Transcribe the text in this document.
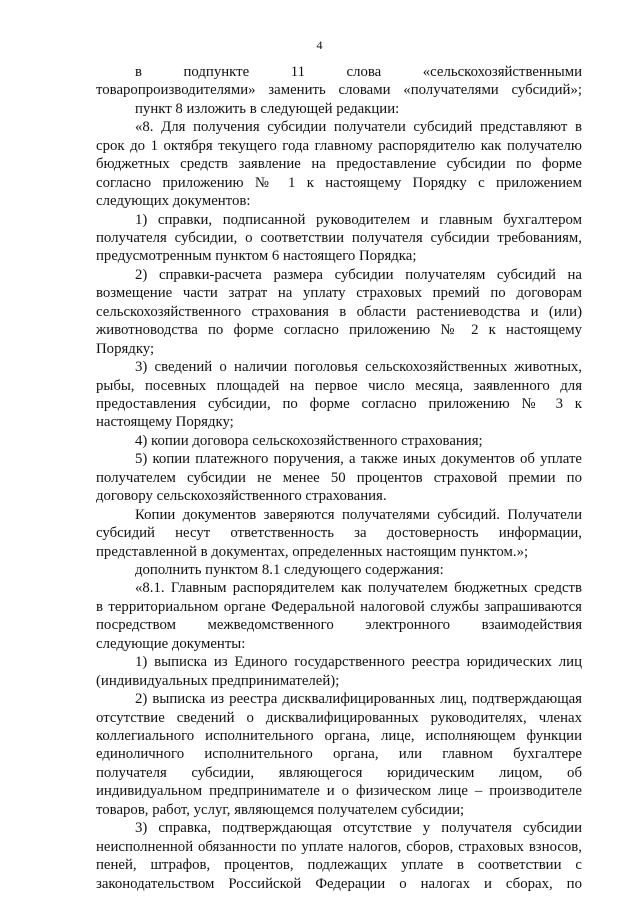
4
в подпункте 11 слова «сельскохозяйственными
товаропроизводителями» заменить словами «получателями субсидий»;
пункт 8 изложить в следующей редакции:
«8. Для получения субсидии получатели субсидий представляют в
срок до 1 октября текущего года главному распорядителю как получателю
бюджетных средств заявление на предоставление субсидии по форме
согласно приложению № 1 к настоящему Порядку с приложением
следующих документов:
1) справки, подписанной руководителем и главным бухгалтером
получателя субсидии, о соответствии получателя субсидии требованиям,
предусмотренным пунктом 6 настоящего Порядка;
2) справки-расчета размера субсидии получателям субсидий на
возмещение части затрат на уплату страховых премий по договорам
сельскохозяйственного страхования в области растениеводства и (или)
животноводства по форме согласно приложению № 2 к настоящему
Порядку;
3) сведений о наличии поголовья сельскохозяйственных животных,
рыбы, посевных площадей на первое число месяца, заявленного для
предоставления субсидии, по форме согласно приложению № 3 к
настоящему Порядку;
4) копии договора сельскохозяйственного страхования;
5) копии платежного поручения, а также иных документов об уплате
получателем субсидии не менее 50 процентов страховой премии по
договору сельскохозяйственного страхования.
Копии документов заверяются получателями субсидий. Получатели
субсидий несут ответственность за достоверность информации,
представленной в документах, определенных настоящим пунктом.»;
дополнить пунктом 8.1 следующего содержания:
«8.1. Главным распорядителем как получателем бюджетных средств
в территориальном органе Федеральной налоговой службы запрашиваются
посредством межведомственного электронного взаимодействия
следующие документы:
1) выписка из Единого государственного реестра юридических лиц
(индивидуальных предпринимателей);
2) выписка из реестра дисквалифицированных лиц, подтверждающая
отсутствие сведений о дисквалифицированных руководителях, членах
коллегиального исполнительного органа, лице, исполняющем функции
единоличного исполнительного органа, или главном бухгалтере
получателя субсидии, являющегося юридическим лицом, об
индивидуальном предпринимателе и о физическом лице – производителе
товаров, работ, услуг, являющемся получателем субсидии;
3) справка, подтверждающая отсутствие у получателя субсидии
неисполненной обязанности по уплате налогов, сборов, страховых взносов,
пеней, штрафов, процентов, подлежащих уплате в соответствии с
законодательством Российской Федерации о налогах и сборах, по
